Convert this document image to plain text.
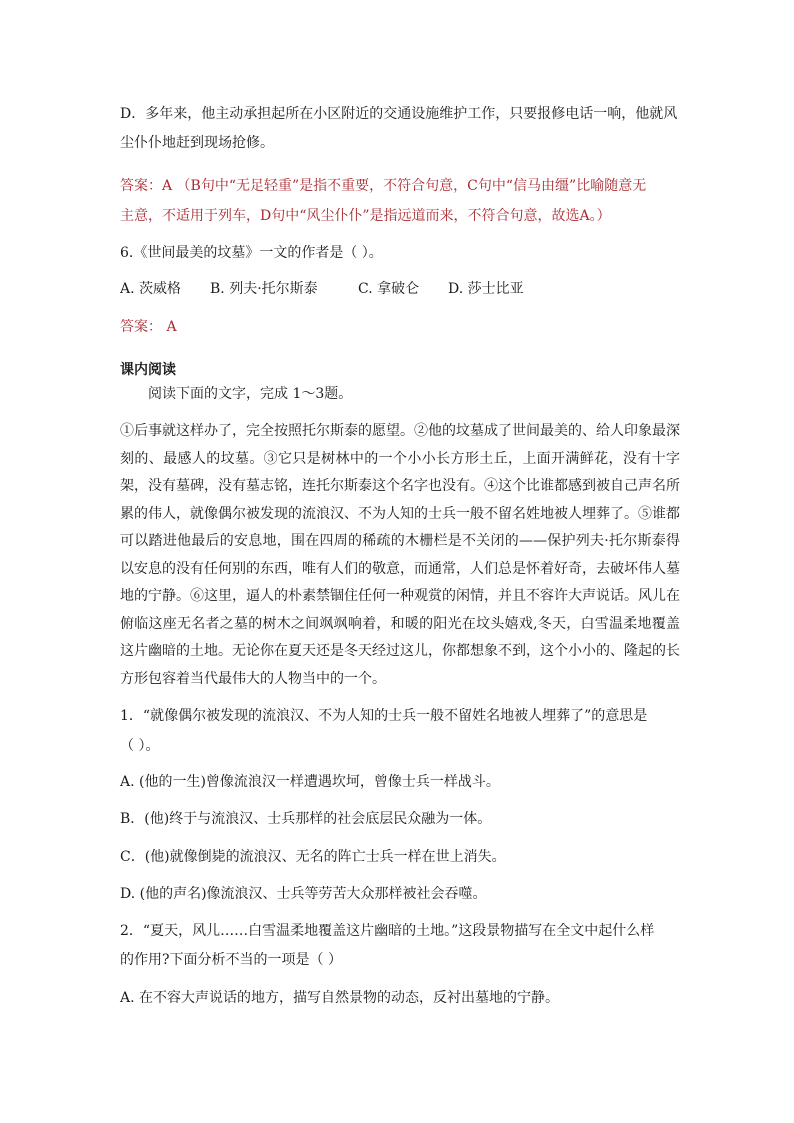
D．多年来，他主动承担起所在小区附近的交通设施维护工作，只要报修电话一响，他就风

尘仆仆地赶到现场抢修。

答案：A （B句中“无足轻重”是指不重要，不符合句意，C句中“信马由缰”比喻随意无

主意，不适用于列车，D句中“风尘仆仆”是指远道而来，不符合句意，故选A。）

6.《世间最美的坟墓》一文的作者是（ ）。

A. 茨威格 B. 列夫·托尔斯泰	C. 拿破仑 D. 莎士比亚

答案： A

课内阅读

阅读下面的文字，完成 1～3题。

①后事就这样办了，完全按照托尔斯泰的愿望。②他的坟墓成了世间最美的、给人印象最深刻的、最感人的坟墓。③它只是树林中的一个小小长方形土丘，上面开满鲜花，没有十字架，没有墓碑，没有墓志铭，连托尔斯泰这个名字也没有。④这个比谁都感到被自己声名所累的伟人，就像偶尔被发现的流浪汉、不为人知的士兵一般不留名姓地被人埋葬了。⑤谁都可以踏进他最后的安息地，围在四周的稀疏的木栅栏是不关闭的——保护列夫·托尔斯泰得以安息的没有任何别的东西，唯有人们的敬意，而通常，人们总是怀着好奇，去破坏伟人墓地的宁静。⑥这里，逼人的朴素禁锢住任何一种观赏的闲情，并且不容许大声说话。风儿在俯临这座无名者之墓的树木之间飒飒响着，和暖的阳光在坟头嬉戏,冬天，白雪温柔地覆盖这片幽暗的土地。无论你在夏天还是冬天经过这儿，你都想象不到，这个小小的、隆起的长方形包容着当代最伟大的人物当中的一个。

1．“就像偶尔被发现的流浪汉、不为人知的士兵一般不留姓名地被人埋葬了”的意思是

（ ）。

A. (他的一生)曾像流浪汉一样遭遇坎坷，曾像士兵一样战斗。

B．(他)终于与流浪汉、士兵那样的社会底层民众融为一体。

C．(他)就像倒毙的流浪汉、无名的阵亡士兵一样在世上消失。

D. (他的声名)像流浪汉、士兵等劳苦大众那样被社会吞噬。

2．“夏天，风儿……白雪温柔地覆盖这片幽暗的土地。”这段景物描写在全文中起什么样

的作用?下面分析不当的一项是（ ）

A. 在不容大声说话的地方，描写自然景物的动态，反衬出墓地的宁静。
